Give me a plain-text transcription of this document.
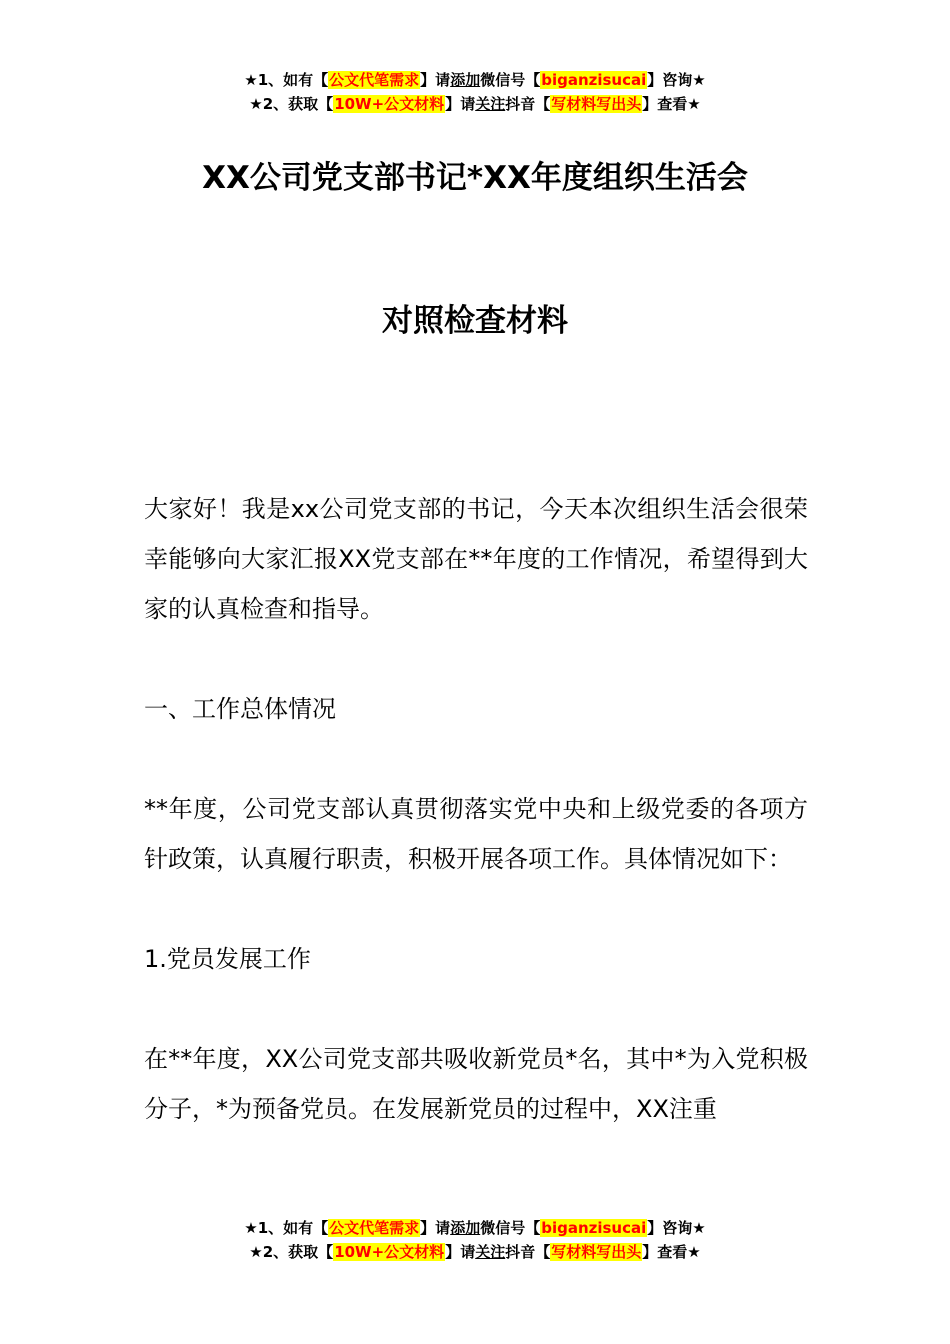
★1、如有【公文代笔需求】请添加微信号【biganzisucai】咨询★
★2、获取【10W+公文材料】请关注抖音【写材料写出头】查看★
XX公司党支部书记*XX年度组织生活会
对照检查材料

大家好！我是xx公司党支部的书记，今天本次组织生活会很荣幸能够向大家汇报XX党支部在**年度的工作情况，希望得到大家的认真检查和指导。

一、工作总体情况

**年度，公司党支部认真贯彻落实党中央和上级党委的各项方针政策，认真履行职责，积极开展各项工作。具体情况如下：

1.党员发展工作

在**年度，XX公司党支部共吸收新党员*名，其中*为入党积极分子，*为预备党员。在发展新党员的过程中，XX注重

★1、如有【公文代笔需求】请添加微信号【biganzisucai】咨询★
★2、获取【10W+公文材料】请关注抖音【写材料写出头】查看★
